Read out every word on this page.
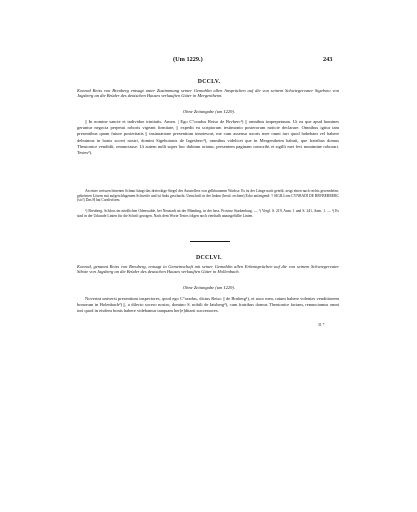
(Um 1229.)	243
DCCLV.
Konrad Reiss von Breuberg entsagt unter Zustimmung seiner Gemahlin allen Ansprüchen auf die von seinem Schwiegervater Sigeboto von Jagsberg an die Brüder des deutschen Hauses verkauften Güter in Mergentheim.
Ohne Zeitangabe (um 1229).
|| In nomine sancte et individue trinitatis. Amen. | Ego C°oradus Reiso de Brvberc¹) || omnibus imperpetuum. Ut ea que apud homines geruntur negocia perpetui roboris vigeant firmitate, || expedit ea scriptorum testimonio posterorum noticie declarare. Omnibus igitur tam presentibus quam future posteritatis || insinuatione presentium innotescat, me cum assensu uxoris mee omni iuri quod habebam vel habere debuimus in bonis soceri nostri, domini Sigebotonis de Iagesberc²), omnibus videlicet que in Mergentheim habuit, que fratribus domus Theutonice vendidit, renunciasse. Ut autem nulli super hoc dubium oriatur, presentem paginam conscribi et sigilli mei feci munimine roborari. Testes³).
An einer weissen leinenen Schnur hängt das dreieckige Siegel des Ausstellers von gelbbraunem Wachse. Es ist der Länge nach geteilt; zeigt einen nach rechts gewendeten, gekrönten Löwen mit aufgeschlagenem Schweife und ist links geschacht. Umschrift in der linken (heral. rechten) Ecke anfangend: † SIGILLvm CVNRADI DE BRVBERRERC (sic!) Das H hat Curslivform.
¹) Breuberg, Schloss im nördlichen Odenwalde, bei Neustadt an der Mümling, in der hess. Provinz Starkenburg. — ²) Vergl. S. 219, Anm. 1 und S. 241, Anm. 1. — ³) Es sind in der Urkunde Linien für die Schrift gezogen. Nach dem Worte Testes folgen noch vierthalb unausgefüllte Linien.
DCCLVI.
Konrad, genannt Reiss von Breuberg, entsagt in Gemeinschaft mit seiner Gemahlin allen Erbansprüchen auf die von seinem Schwiegervater Sibote von Jagsberg an die Brüder des deutschen Hauses verkauften Güter in Hollenbach.
Ohne Zeitangabe (um 1229).
Noverint universi presentium inspectores, quod ego C°oradus, dictus Reiso || de Bruberg¹), et uxor mea, ratum habere volentes venditionem bonorum in Holenbach²) ||, a dilecto socero nostro, domino S. nobili de Iaisberg³), cum fratribus domus Theutonice factam, renunciamus omni iuri quod in eisdem bonis habere videbamur tanquam her[e]ditarii successores.
31 *
